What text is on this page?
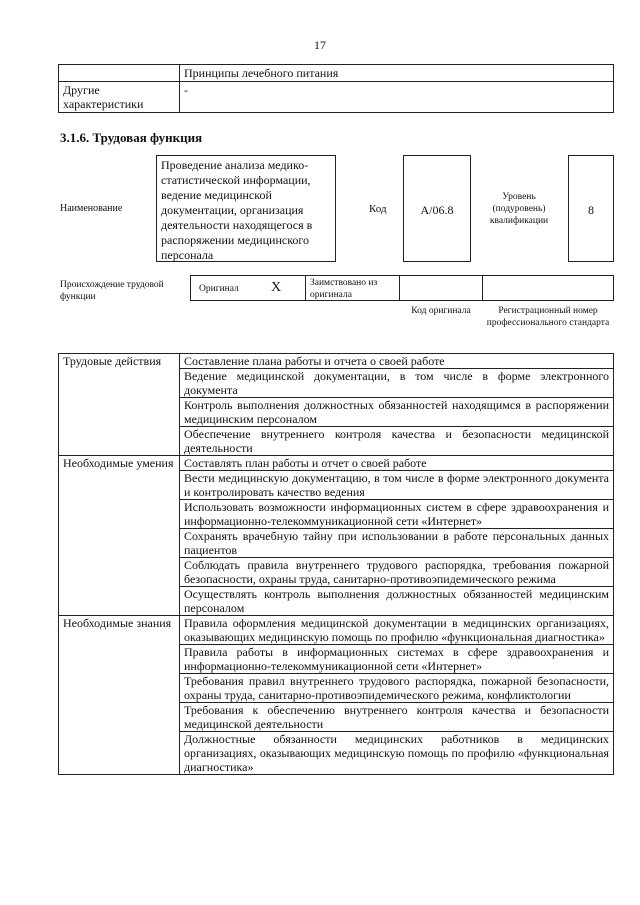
17
	Принципы лечебного питания
Другие характеристики	-
3.1.6. Трудовая функция
Наименование
Проведение анализа медико-статистической информации, ведение медицинской документации, организация деятельности находящегося в распоряжении медицинского персонала
Код	А/06.8
Уровень (подуровень) квалификации
8
Происхождение трудовой функции
Оригинал X	Заимствовано из оригинала
Код оригинала	Регистрационный номер профессионального стандарта
Трудовые действия	Составление плана работы и отчета о своей работе
	Ведение медицинской документации, в том числе в форме электронного документа
	Контроль выполнения должностных обязанностей находящимся в распоряжении медицинским персоналом
	Обеспечение внутреннего контроля качества и безопасности медицинской деятельности
Необходимые умения	Составлять план работы и отчет о своей работе
	Вести медицинскую документацию, в том числе в форме электронного документа и контролировать качество ведения
	Использовать возможности информационных систем в сфере здравоохранения и информационно-телекоммуникационной сети «Интернет»
	Сохранять врачебную тайну при использовании в работе персональных данных пациентов
	Соблюдать правила внутреннего трудового распорядка, требования пожарной безопасности, охраны труда, санитарно-противоэпидемического режима
	Осуществлять контроль выполнения должностных обязанностей медицинским персоналом
Необходимые знания	Правила оформления медицинской документации в медицинских организациях, оказывающих медицинскую помощь по профилю «функциональная диагностика»
	Правила работы в информационных системах в сфере здравоохранения и информационно-телекоммуникационной сети «Интернет»
	Требования правил внутреннего трудового распорядка, пожарной безопасности, охраны труда, санитарно-противоэпидемического режима, конфликтологии
	Требования к обеспечению внутреннего контроля качества и безопасности медицинской деятельности
	Должностные обязанности медицинских работников в медицинских организациях, оказывающих медицинскую помощь по профилю «функциональная диагностика»
